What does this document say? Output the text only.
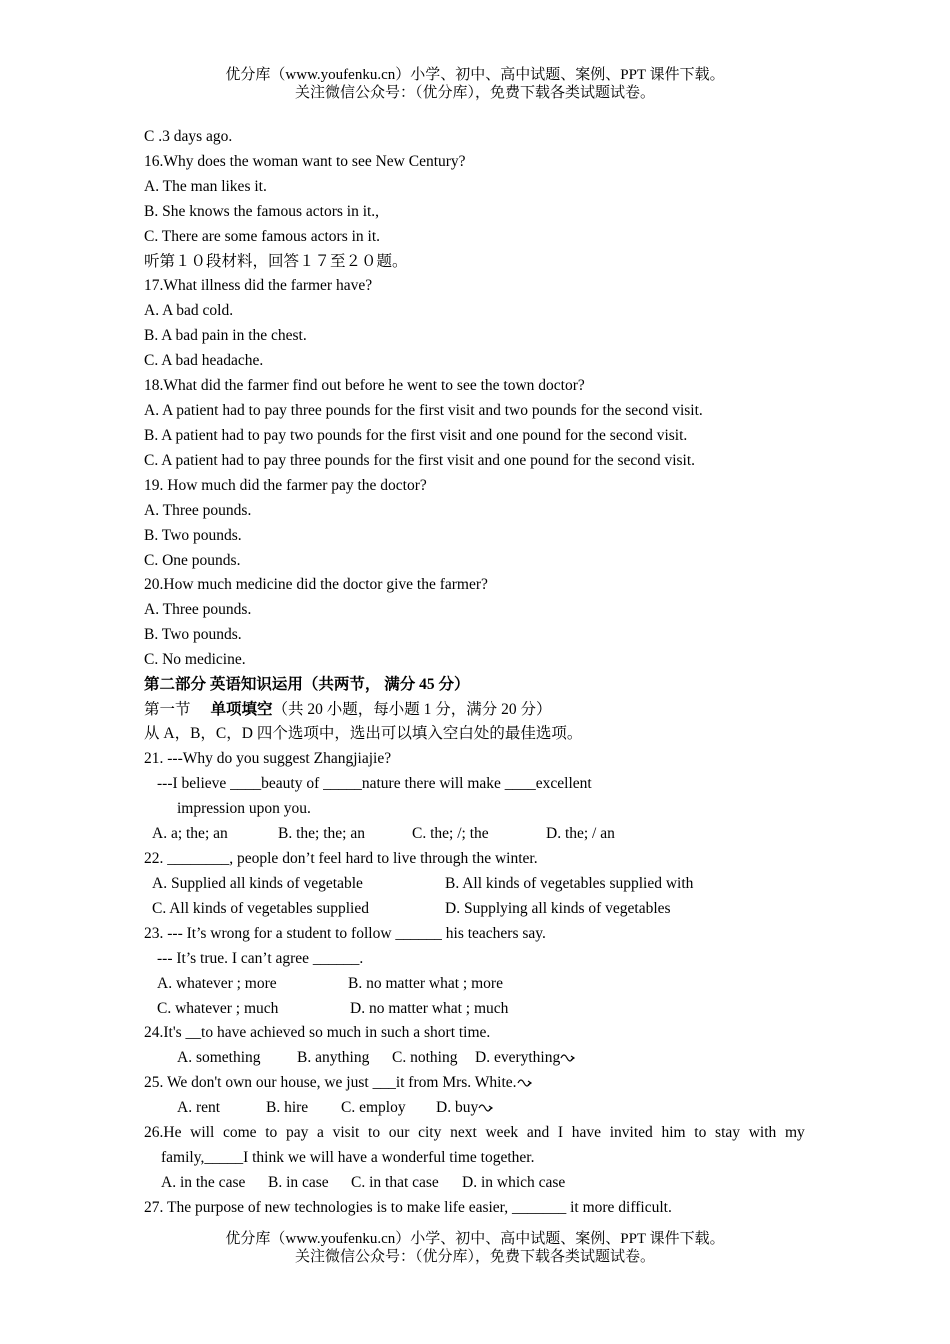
优分库（www.youfenku.cn）小学、初中、高中试题、案例、PPT 课件下载。
关注微信公众号：（优分库），免费下载各类试题试卷。
C .3 days ago.
16.Why does the woman want to see New Century?
A. The man likes it.
B. She knows the famous actors in it.,
C. There are some famous actors in it.
听第１０段材料，回答１７至２０题。
17.What illness did the farmer have?
A. A bad cold.
B. A bad pain in the chest.
C. A bad headache.
18.What did the farmer find out before he went to see the town doctor?
A. A patient had to pay three pounds for the first visit and two pounds for the second visit.
B. A patient had to pay two pounds for the first visit and one pound for the second visit.
C. A patient had to pay three pounds for the first visit and one pound for the second visit.
19. How much did the farmer pay the doctor?
A. Three pounds.
B. Two pounds.
C. One pounds.
20.How much medicine did the doctor give the farmer?
A. Three pounds.
B. Two pounds.
C. No medicine.
第二部分 英语知识运用（共两节， 满分 45 分）
第一节 单项填空（共 20 小题，每小题 1 分，满分 20 分）
从 A，B，C，D 四个选项中，选出可以填入空白处的最佳选项。
21. ---Why do you suggest Zhangjiajie?
---I believe ____beauty of _____nature there will make ____excellent
impression upon you.
A. a; the; an	B. the; the; an	C. the; /; the	D. the; / an
22. ________, people don’t feel hard to live through the winter.
A. Supplied all kinds of vegetable	B. All kinds of vegetables supplied with
C. All kinds of vegetables supplied	D. Supplying all kinds of vegetables
23. --- It’s wrong for a student to follow ______ his teachers say.
--- It’s true. I can’t agree ______.
A. whatever ; more	B. no matter what ; more
C. whatever ; much	D. no matter what ; much
24.It's __to have achieved so much in such a short time.
A. something B. anything C. nothing D. everything
25. We don't own our house, we just ___it from Mrs. White.
A. rent	B. hire C. employ D. buy
26.He will come to pay a visit to our city next week and I have invited him to stay with my
family,_____I think we will have a wonderful time together.
A. in the case B. in case C. in that case D. in which case
27. The purpose of new technologies is to make life easier, _______ it more difficult.
优分库（www.youfenku.cn）小学、初中、高中试题、案例、PPT 课件下载。
关注微信公众号：（优分库），免费下载各类试题试卷。
